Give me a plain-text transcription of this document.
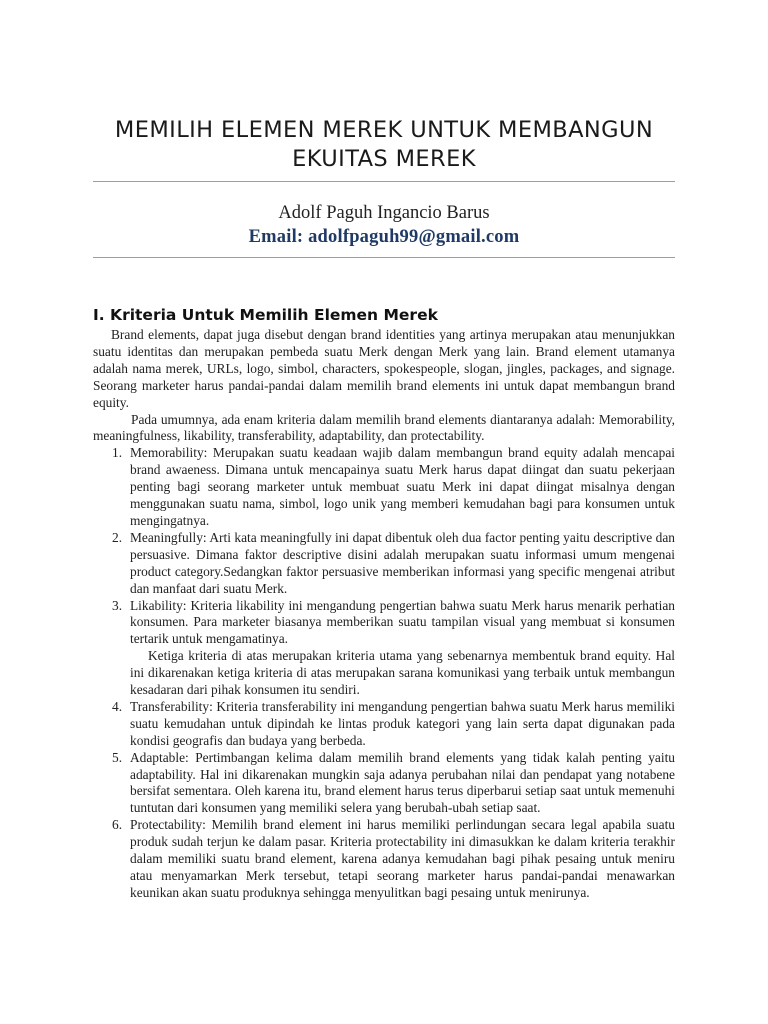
MEMILIH ELEMEN MEREK UNTUK MEMBANGUN EKUITAS MEREK

Adolf Paguh Ingancio Barus

Email: adolfpaguh99@gmail.com

I. Kriteria Untuk Memilih Elemen Merek

Brand elements, dapat juga disebut dengan brand identities yang artinya merupakan atau menunjukkan suatu identitas dan merupakan pembeda suatu Merk dengan Merk yang lain. Brand element utamanya adalah nama merek, URLs, logo, simbol, characters, spokespeople, slogan, jingles, packages, and signage. Seorang marketer harus pandai-pandai dalam memilih brand elements ini untuk dapat membangun brand equity.

Pada umumnya, ada enam kriteria dalam memilih brand elements diantaranya adalah: Memorability, meaningfulness, likability, transferability, adaptability, dan protectability.

1. Memorability: Merupakan suatu keadaan wajib dalam membangun brand equity adalah mencapai brand awaeness. Dimana untuk mencapainya suatu Merk harus dapat diingat dan suatu pekerjaan penting bagi seorang marketer untuk membuat suatu Merk ini dapat diingat misalnya dengan menggunakan suatu nama, simbol, logo unik yang memberi kemudahan bagi para konsumen untuk mengingatnya.
2. Meaningfully: Arti kata meaningfully ini dapat dibentuk oleh dua factor penting yaitu descriptive dan persuasive. Dimana faktor descriptive disini adalah merupakan suatu informasi umum mengenai product category.Sedangkan faktor persuasive memberikan informasi yang specific mengenai atribut dan manfaat dari suatu Merk.
3. Likability: Kriteria likability ini mengandung pengertian bahwa suatu Merk harus menarik perhatian konsumen. Para marketer biasanya memberikan suatu tampilan visual yang membuat si konsumen tertarik untuk mengamatinya.

Ketiga kriteria di atas merupakan kriteria utama yang sebenarnya membentuk brand equity. Hal ini dikarenakan ketiga kriteria di atas merupakan sarana komunikasi yang terbaik untuk membangun kesadaran dari pihak konsumen itu sendiri.

4. Transferability: Kriteria transferability ini mengandung pengertian bahwa suatu Merk harus memiliki suatu kemudahan untuk dipindah ke lintas produk kategori yang lain serta dapat digunakan pada kondisi geografis dan budaya yang berbeda.
5. Adaptable: Pertimbangan kelima dalam memilih brand elements yang tidak kalah penting yaitu adaptability. Hal ini dikarenakan mungkin saja adanya perubahan nilai dan pendapat yang notabene bersifat sementara. Oleh karena itu, brand element harus terus diperbarui setiap saat untuk memenuhi tuntutan dari konsumen yang memiliki selera yang berubah-ubah setiap saat.
6. Protectability: Memilih brand element ini harus memiliki perlindungan secara legal apabila suatu produk sudah terjun ke dalam pasar. Kriteria protectability ini dimasukkan ke dalam kriteria terakhir dalam memiliki suatu brand element, karena adanya kemudahan bagi pihak pesaing untuk meniru atau menyamarkan Merk tersebut, tetapi seorang marketer harus pandai-pandai menawarkan keunikan akan suatu produknya sehingga menyulitkan bagi pesaing untuk menirunya.
